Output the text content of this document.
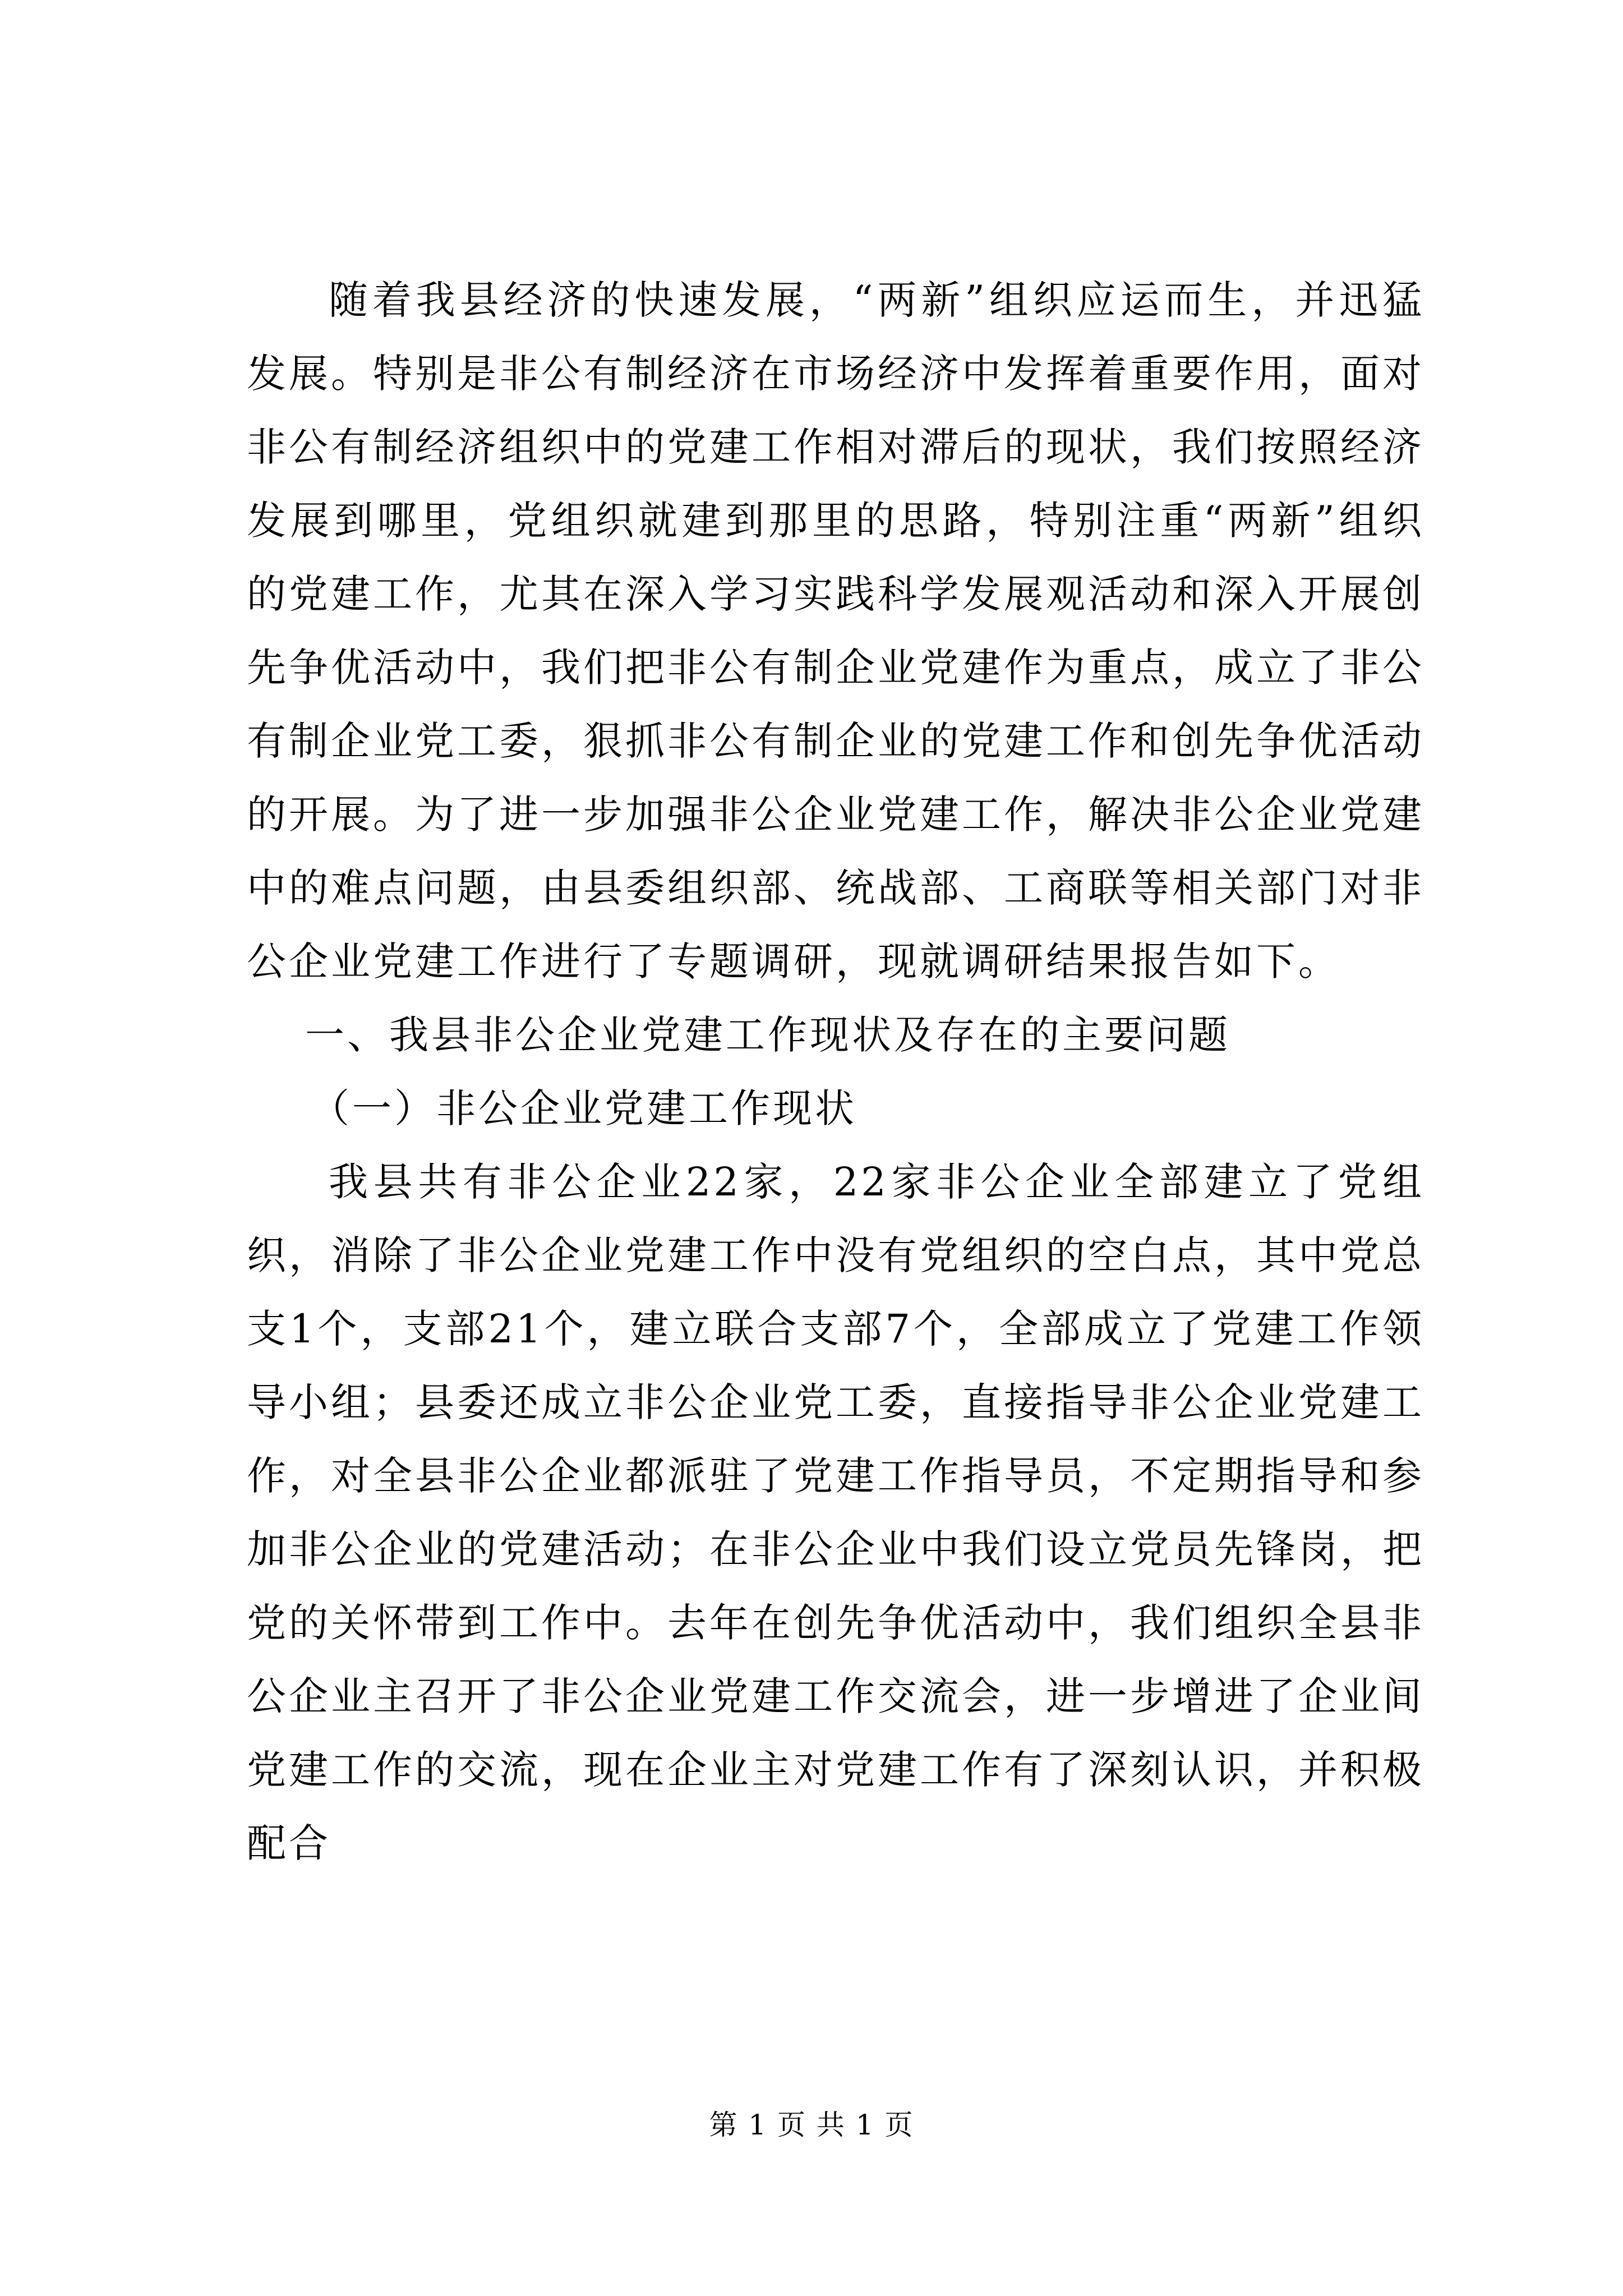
随着我县经济的快速发展，“两新”组织应运而生，并迅猛发展。特别是非公有制经济在市场经济中发挥着重要作用，面对非公有制经济组织中的党建工作相对滞后的现状，我们按照经济发展到哪里，党组织就建到那里的思路，特别注重“两新”组织的党建工作，尤其在深入学习实践科学发展观活动和深入开展创先争优活动中，我们把非公有制企业党建作为重点，成立了非公有制企业党工委，狠抓非公有制企业的党建工作和创先争优活动的开展。为了进一步加强非公企业党建工作，解决非公企业党建中的难点问题，由县委组织部、统战部、工商联等相关部门对非公企业党建工作进行了专题调研，现就调研结果报告如下。

一、我县非公企业党建工作现状及存在的主要问题

（一）非公企业党建工作现状

我县共有非公企业22家，22家非公企业全部建立了党组织，消除了非公企业党建工作中没有党组织的空白点，其中党总支1个，支部21个，建立联合支部7个，全部成立了党建工作领导小组；县委还成立非公企业党工委，直接指导非公企业党建工作，对全县非公企业都派驻了党建工作指导员，不定期指导和参加非公企业的党建活动；在非公企业中我们设立党员先锋岗，把党的关怀带到工作中。去年在创先争优活动中，我们组织全县非公企业主召开了非公企业党建工作交流会，进一步增进了企业间党建工作的交流，现在企业主对党建工作有了深刻认识，并积极配合

第 1 页 共 1 页
